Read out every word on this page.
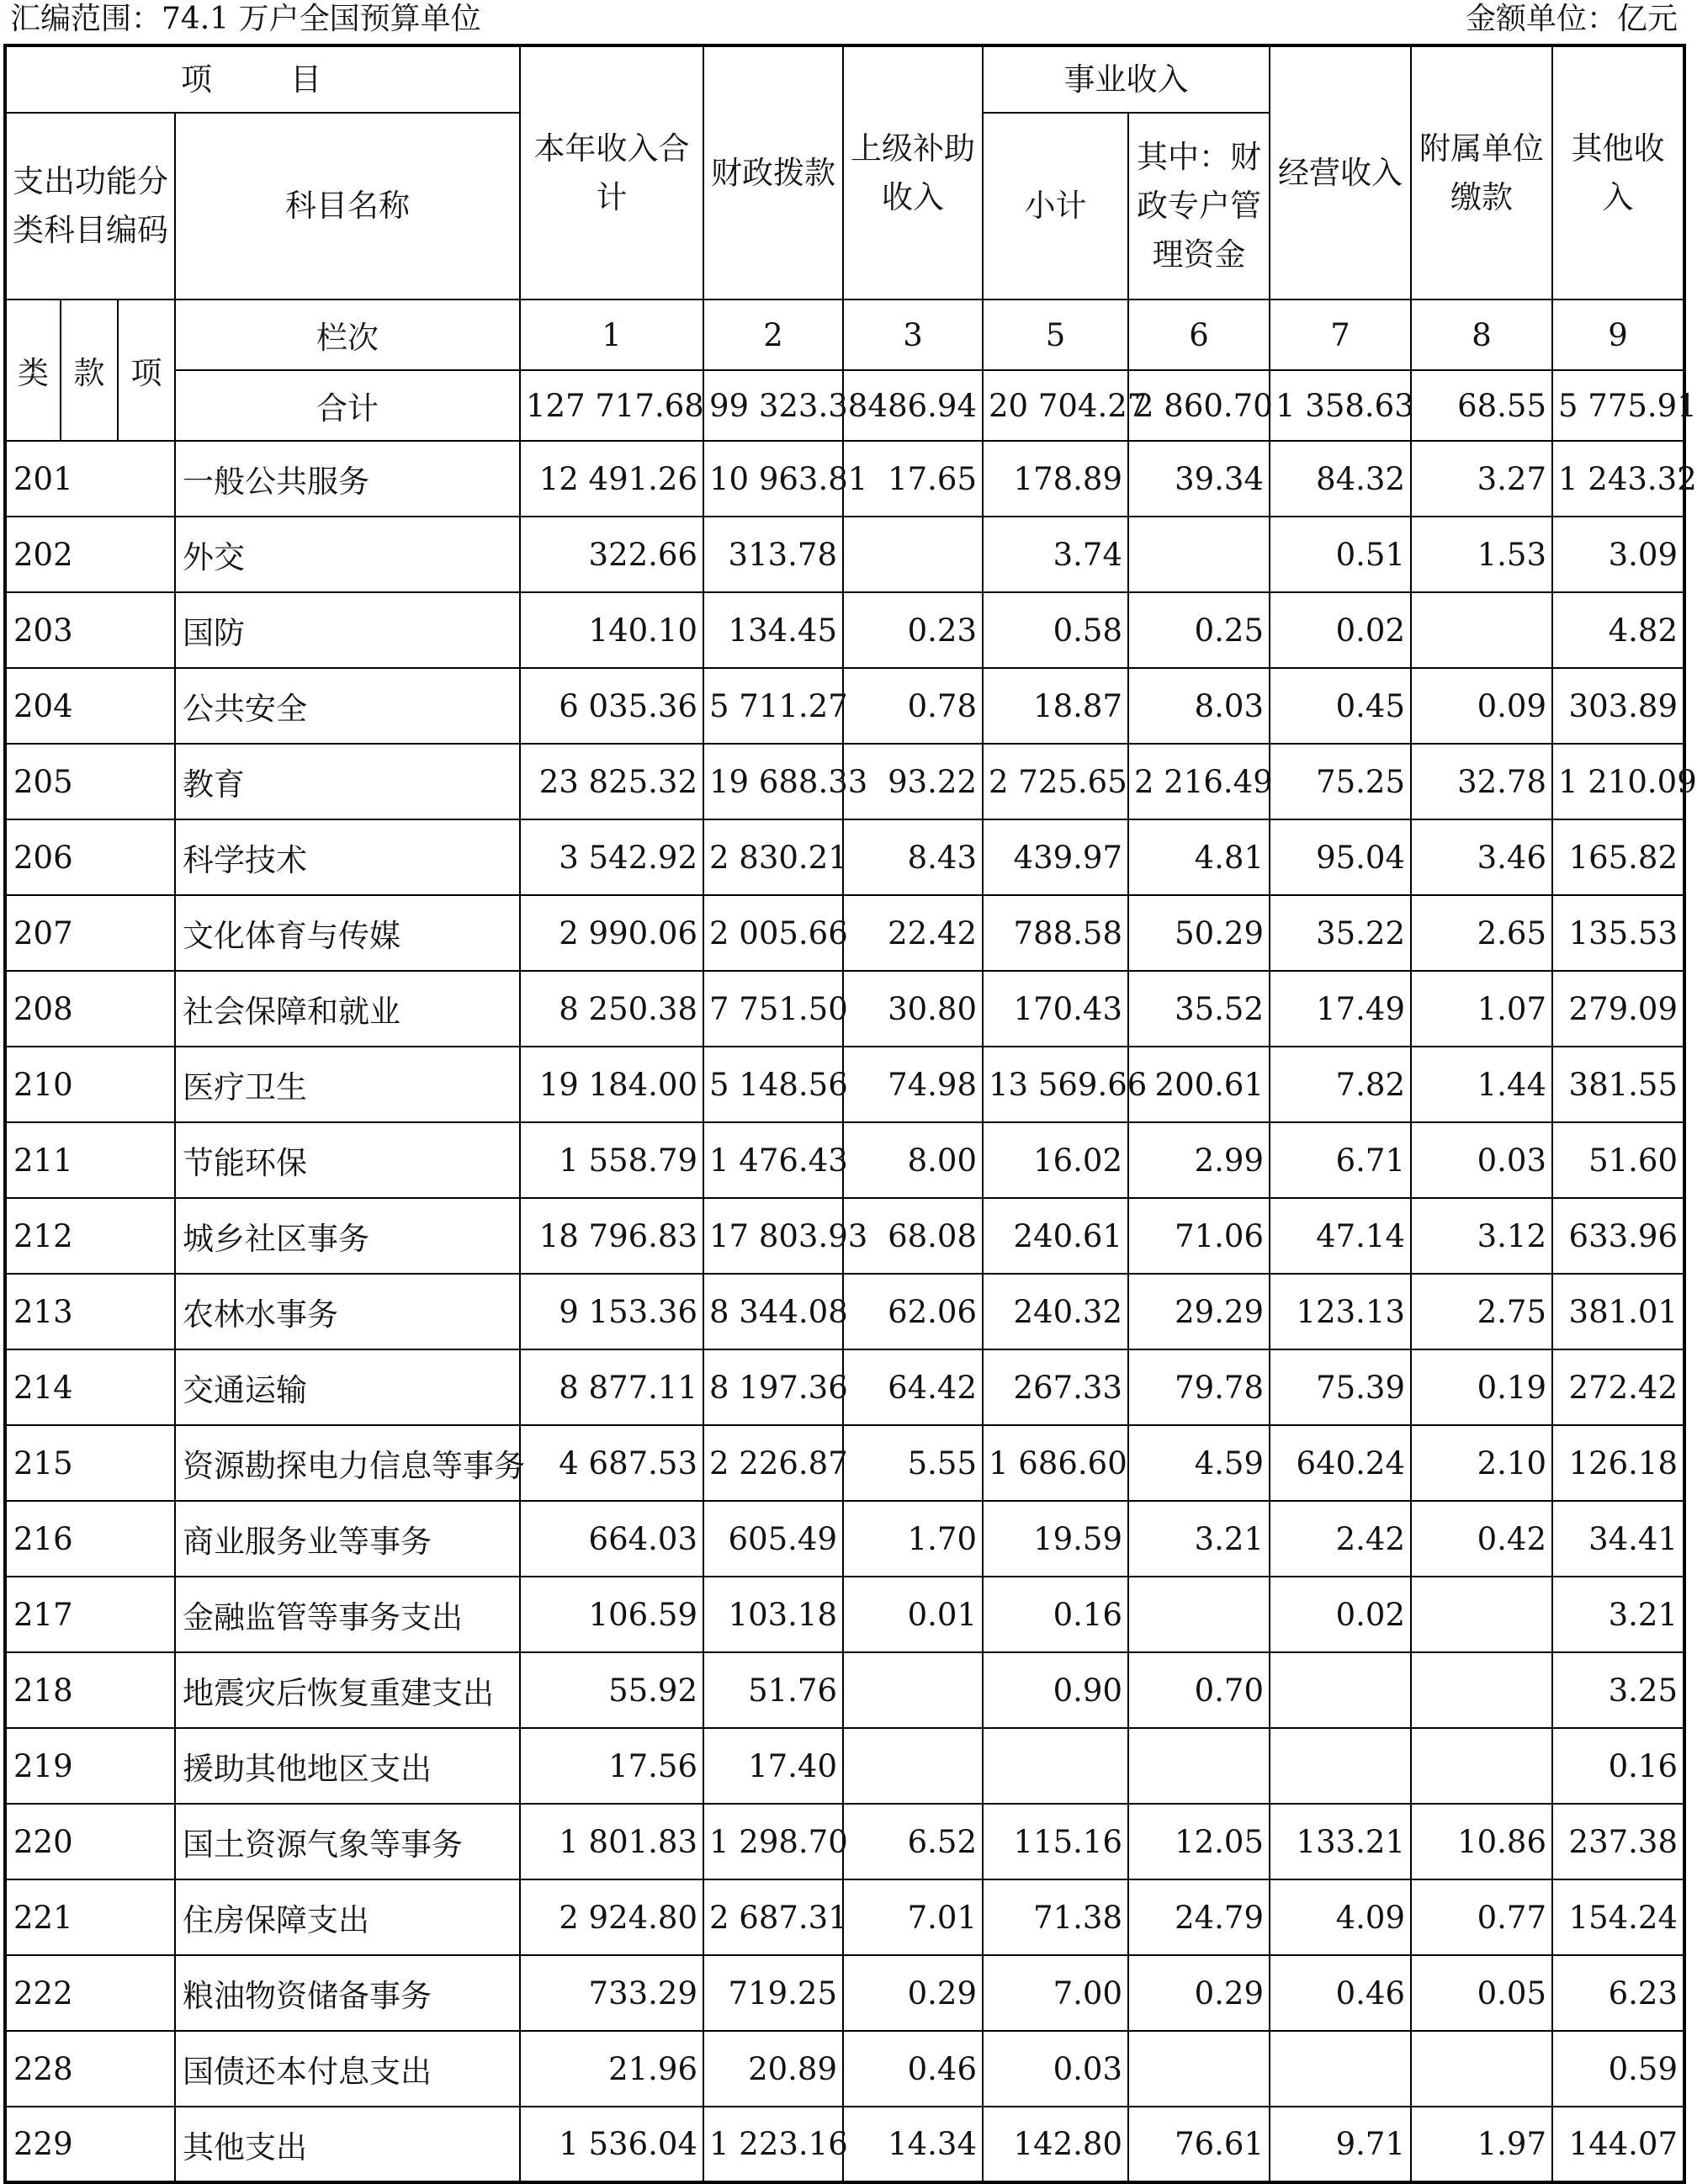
汇编范围：74.1 万户全国预算单位	金额单位：亿元
项　目				本年收入合计	财政拨款	上级补助收入	事业收入		经营收入	附属单位缴款	其他收入
支出功能分类科目编码			科目名称				小计	其中：财政专户管理资金			

类	款	项	栏次	1	2	3	5	6	7	8	9
			合计	127 717.68	99 323.38	486.94	20 704.27	2 860.70	1 358.63	68.55	5 775.91
201			一般公共服务	12 491.26	10 963.81	17.65	178.89	39.34	84.32	3.27	1 243.32
202			外交	322.66	313.78		3.74		0.51	1.53	3.09
203			国防	140.10	134.45	0.23	0.58	0.25	0.02		4.82
204			公共安全	6 035.36	5 711.27	0.78	18.87	8.03	0.45	0.09	303.89
205			教育	23 825.32	19 688.33	93.22	2 725.65	2 216.49	75.25	32.78	1 210.09
206			科学技术	3 542.92	2 830.21	8.43	439.97	4.81	95.04	3.46	165.82
207			文化体育与传媒	2 990.06	2 005.66	22.42	788.58	50.29	35.22	2.65	135.53
208			社会保障和就业	8 250.38	7 751.50	30.80	170.43	35.52	17.49	1.07	279.09
210			医疗卫生	19 184.00	5 148.56	74.98	13 569.66	200.61	7.82	1.44	381.55
211			节能环保	1 558.79	1 476.43	8.00	16.02	2.99	6.71	0.03	51.60
212			城乡社区事务	18 796.83	17 803.93	68.08	240.61	71.06	47.14	3.12	633.96
213			农林水事务	9 153.36	8 344.08	62.06	240.32	29.29	123.13	2.75	381.01
214			交通运输	8 877.11	8 197.36	64.42	267.33	79.78	75.39	0.19	272.42
215			资源勘探电力信息等事务	4 687.53	2 226.87	5.55	1 686.60	4.59	640.24	2.10	126.18
216			商业服务业等事务	664.03	605.49	1.70	19.59	3.21	2.42	0.42	34.41
217			金融监管等事务支出	106.59	103.18	0.01	0.16		0.02		3.21
218			地震灾后恢复重建支出	55.92	51.76		0.90	0.70			3.25
219			援助其他地区支出	17.56	17.40						0.16
220			国土资源气象等事务	1 801.83	1 298.70	6.52	115.16	12.05	133.21	10.86	237.38
221			住房保障支出	2 924.80	2 687.31	7.01	71.38	24.79	4.09	0.77	154.24
222			粮油物资储备事务	733.29	719.25	0.29	7.00	0.29	0.46	0.05	6.23
228			国债还本付息支出	21.96	20.89	0.46	0.03				0.59
229			其他支出	1 536.04	1 223.16	14.34	142.80	76.61	9.71	1.97	144.07
